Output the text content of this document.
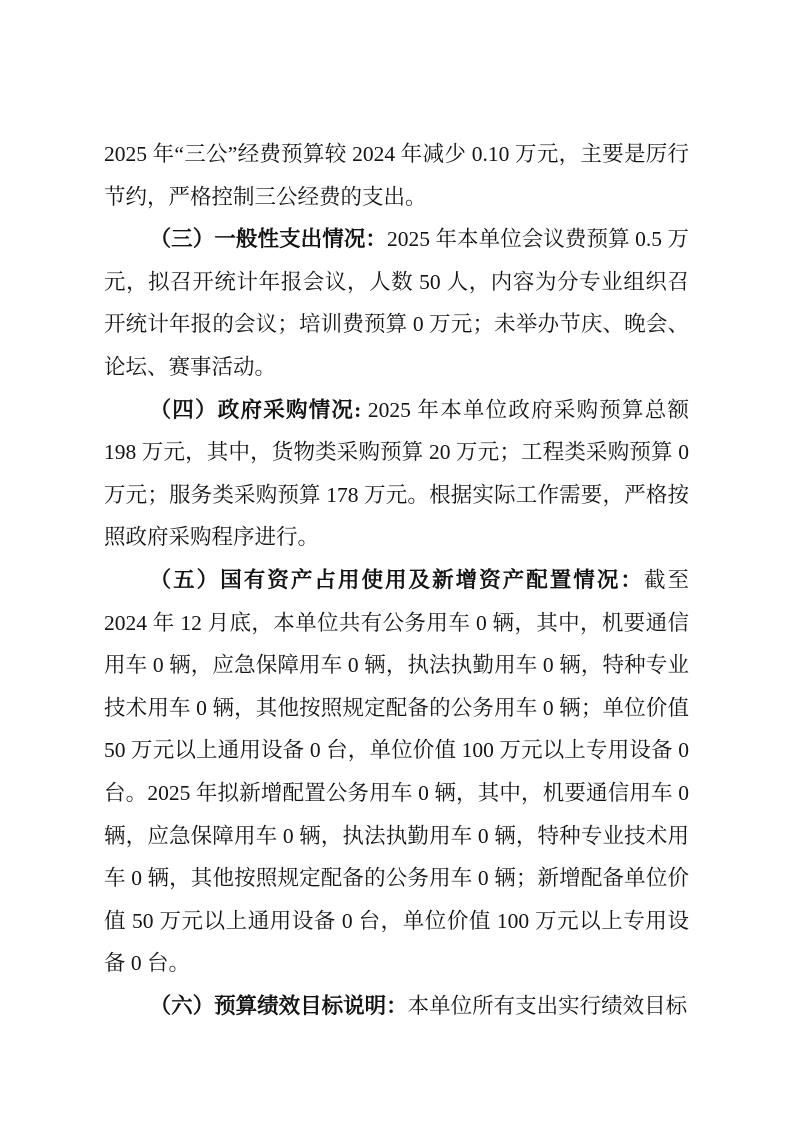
2025 年“三公”经费预算较 2024 年减少 0.10 万元，主要是厉行节约，严格控制三公经费的支出。

（三）一般性支出情况：2025 年本单位会议费预算 0.5 万元，拟召开统计年报会议，人数 50 人，内容为分专业组织召开统计年报的会议；培训费预算 0 万元；未举办节庆、晚会、论坛、赛事活动。

（四）政府采购情况: 2025 年本单位政府采购预算总额 198 万元，其中，货物类采购预算 20 万元；工程类采购预算 0 万元；服务类采购预算 178 万元。根据实际工作需要，严格按照政府采购程序进行。

（五）国有资产占用使用及新增资产配置情况：截至 2024 年 12 月底，本单位共有公务用车 0 辆，其中，机要通信用车 0 辆，应急保障用车 0 辆，执法执勤用车 0 辆，特种专业技术用车 0 辆，其他按照规定配备的公务用车 0 辆；单位价值 50 万元以上通用设备 0 台，单位价值 100 万元以上专用设备 0 台。2025 年拟新增配置公务用车 0 辆，其中，机要通信用车 0 辆，应急保障用车 0 辆，执法执勤用车 0 辆，特种专业技术用车 0 辆，其他按照规定配备的公务用车 0 辆；新增配备单位价值 50 万元以上通用设备 0 台，单位价值 100 万元以上专用设备 0 台。

（六）预算绩效目标说明：本单位所有支出实行绩效目标
